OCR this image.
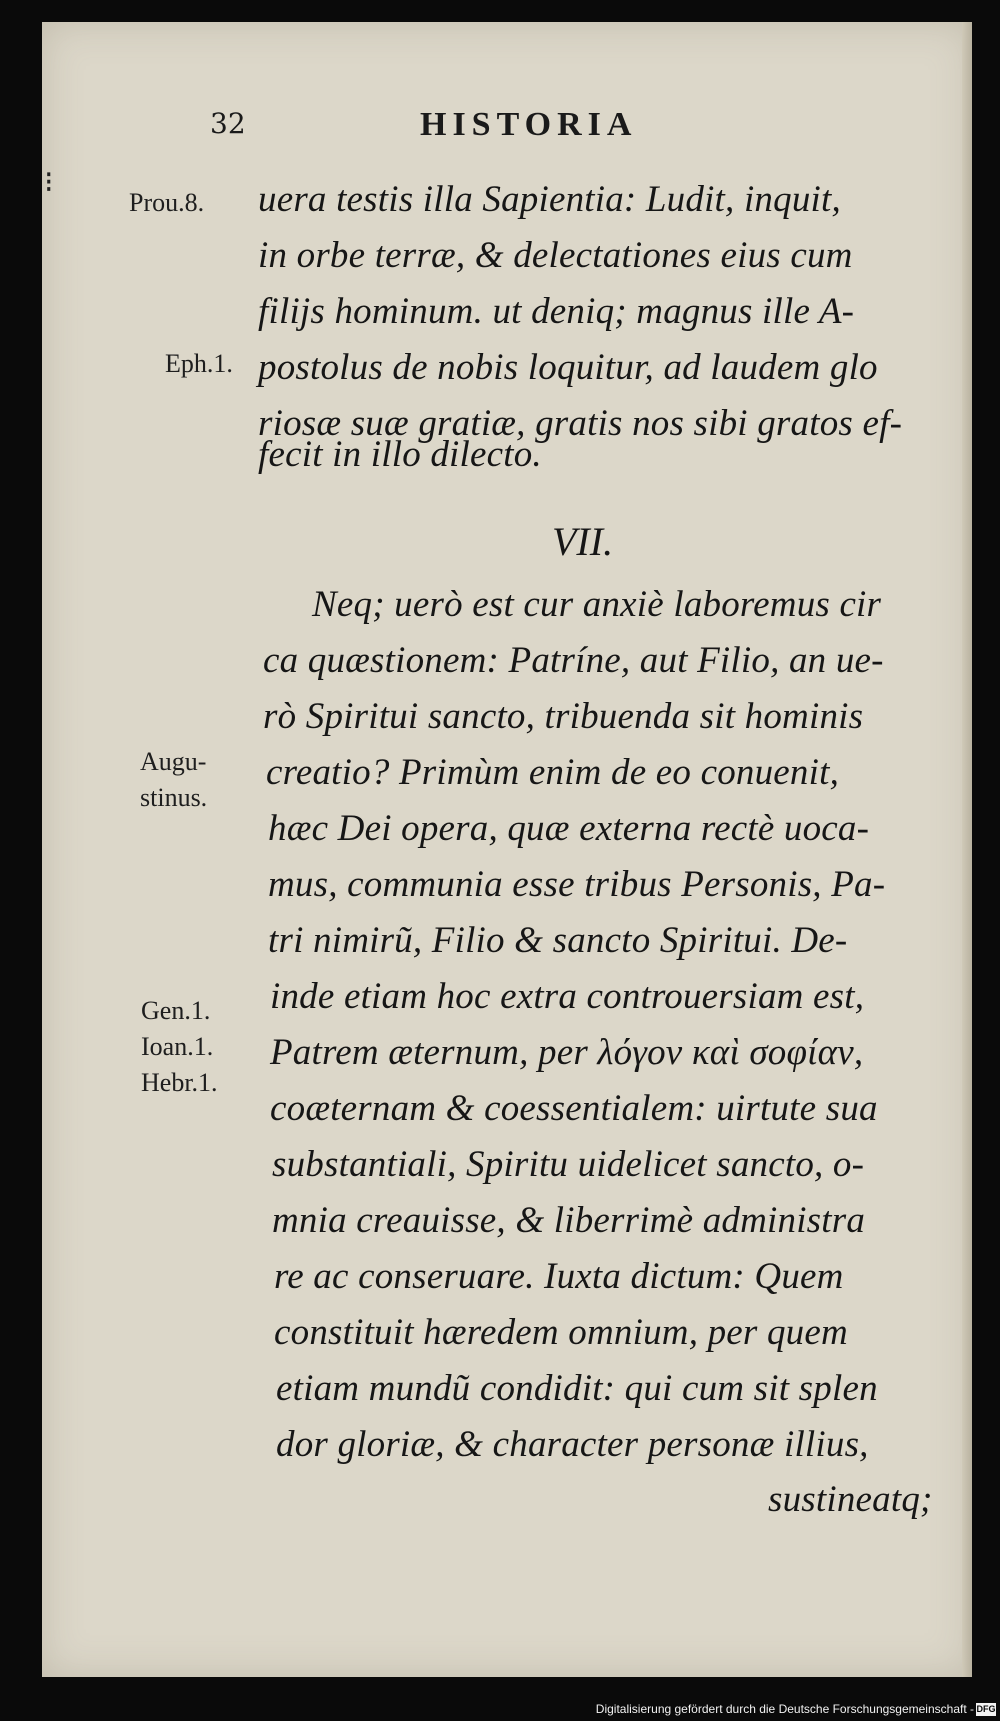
32	HISTORIA
⁝
Prou.8.
Eph.1.
Augu-
stinus.
Gen.1.
Ioan.1.
Hebr.1.
uera testis illa Sapientia: Ludit, inquit,
in orbe terræ, & delectationes eius cum
filijs hominum. ut deniq; magnus ille A-
postolus de nobis loquitur, ad laudem glo
riosæ suæ gratiæ, gratis nos sibi gratos ef-
fecit in illo dilecto.
VII.
Neq; uerò est cur anxiè laboremus cir
ca quæstionem: Patríne, aut Filio, an ue-
rò Spiritui sancto, tribuenda sit hominis
creatio? Primùm enim de eo conuenit,
hæc Dei opera, quæ externa rectè uoca-
mus, communia esse tribus Personis, Pa-
tri nimirũ, Filio & sancto Spiritui. De-
inde etiam hoc extra controuersiam est,
Patrem æternum, per λόγον καὶ σοφίαν,
coæternam & coessentialem: uirtute sua
substantiali, Spiritu uidelicet sancto, o-
mnia creauisse, & liberrimè administra
re ac conseruare. Iuxta dictum: Quem
constituit hæredem omnium, per quem
etiam mundũ condidit: qui cum sit splen
dor gloriæ, & character personæ illius,
sustineatq;
Digitalisierung gefördert durch die Deutsche Forschungsgemeinschaft - DFG
